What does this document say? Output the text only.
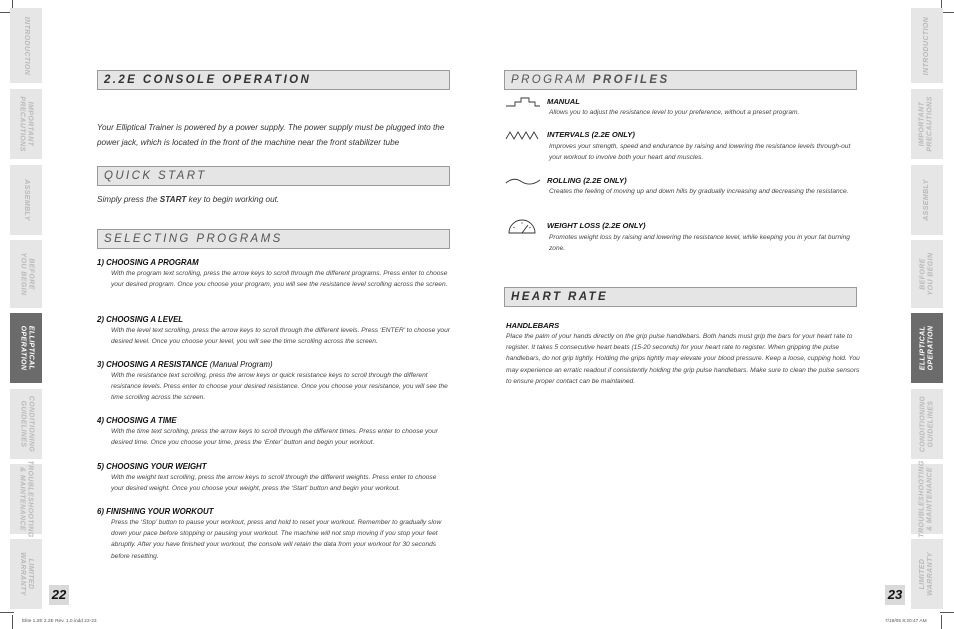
INTRODUCTION
IMPORTANT
PRECAUTIONS
ASSEMBLY
BEFORE
YOU BEGIN
ELLIPTICAL
OPERATION
CONDITIONING
GUIDELINES
TROUBLESHOOTING
& MAINTENANCE
LIMITED
WARRANTY
INTRODUCTION
IMPORTANT
PRECAUTIONS
ASSEMBLY
BEFORE
YOU BEGIN
ELLIPTICAL
OPERATION
CONDITIONING
GUIDELINES
TROUBLESHOOTING
& MAINTENANCE
LIMITED
WARRANTY
22	23
2.2E CONSOLE OPERATION
Your Elliptical Trainer is powered by a power supply. The power supply must be plugged into the power jack, which is located in the front of the machine near the front stabilizer tube
QUICK START
Simply press the START key to begin working out.
SELECTING PROGRAMS
1) CHOOSING A PROGRAM
With the program text scrolling, press the arrow keys to scroll through the different programs. Press enter to choose your desired program. Once you choose your program, you will see the resistance level scrolling across the screen.
2) CHOOSING A LEVEL
With the level text scrolling, press the arrow keys to scroll through the different levels. Press ‘ENTER’ to choose your desired level. Once you choose your level, you will see the time scrolling across the screen.
3) CHOOSING A RESISTANCE (Manual Program)
With the resistance text scrolling, press the arrow keys or quick resistance keys to scroll through the different resistance levels. Press enter to choose your desired resistance. Once you choose your resistance, you will see the time scrolling across the screen.
4) CHOOSING A TIME
With the time text scrolling, press the arrow keys to scroll through the different times. Press enter to choose your desired time. Once you choose your time, press the ‘Enter’ button and begin your workout.
5) CHOOSING YOUR WEIGHT
With the weight text scrolling, press the arrow keys to scroll through the different weights. Press enter to choose your desired weight. Once you choose your weight, press the ‘Start’ button and begin your workout.
6) FINISHING YOUR WORKOUT
Press the ‘Stop’ button to pause your workout, press and hold to reset your workout. Remember to gradually slow down your pace before stopping or pausing your workout. The machine will not stop moving if you stop your feet abruptly. After you have finished your workout, the console will retain the data from your workout for 30 seconds before resetting.
Elite 1.2E 2.2E Rev. 1.0.indd 22-23
PROGRAM PROFILES
MANUAL
Allows you to adjust the resistance level to your preference, without a preset program.
INTERVALS (2.2E ONLY)
Improves your strength, speed and endurance by raising and lowering the resistance levels through-out your workout to involve both your heart and muscles.
ROLLING (2.2E ONLY)
Creates the feeling of moving up and down hills by gradually increasing and decreasing the resistance.
WEIGHT LOSS (2.2E ONLY)
Promotes weight loss by raising and lowering the resistance level, while keeping you in your fat burning zone.
HEART RATE
HANDLEBARS
Place the palm of your hands directly on the grip pulse handlebars. Both hands must grip the bars for your heart rate to register. It takes 5 consecutive heart beats (15-20 seconds) for your heart rate to register. When gripping the pulse handlebars, do not grip tightly. Holding the grips tightly may elevate your blood pressure. Keep a loose, cupping hold. You may experience an erratic readout if consistently holding the grip pulse handlebars. Make sure to clean the pulse sensors to ensure proper contact can be maintained.
7/19/05 8:20:47 AM
